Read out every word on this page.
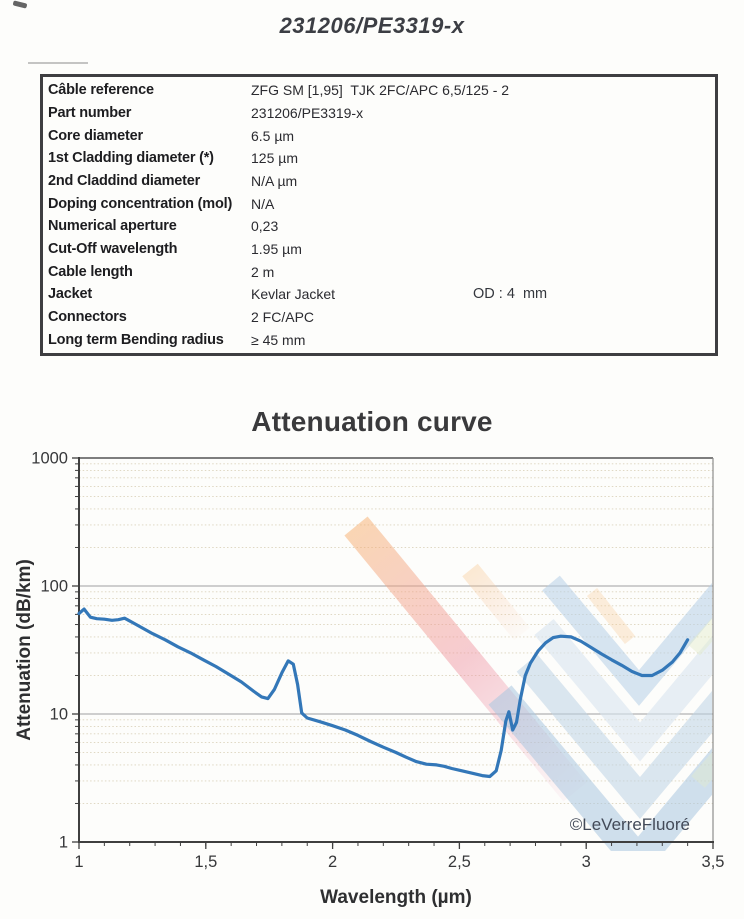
231206/PE3319-x
Câble reference	ZFG SM [1,95]  TJK 2FC/APC 6,5/125 - 2
Part number	231206/PE3319-x
Core diameter	6.5 µm
1st Cladding diameter (*)	125 µm
2nd Claddind diameter	N/A µm
Doping concentration (mol) N/A
Numerical aperture	0,23
Cut-Off wavelength	1.95 µm
Cable length	2 m
Jacket	Kevlar Jacket	OD : 4  mm
Connectors	2 FC/APC
Long term Bending radius ≥ 45 mm
Attenuation curve
1	1,5	2	2,5	3	3,5
1
10
100
1000
©LeVerreFluoré
Wavelength (µm)
Attenuation (dB/km)
